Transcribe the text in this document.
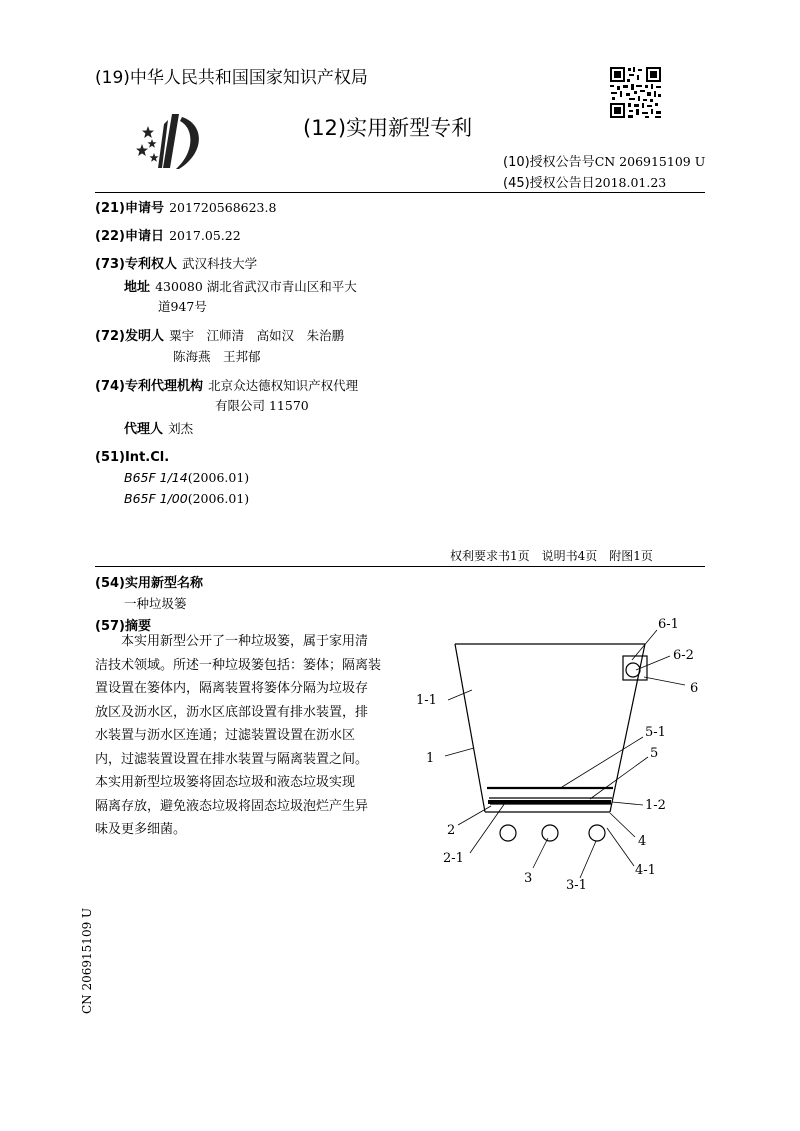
(19)中华人民共和国国家知识产权局
(12)实用新型专利
(10)授权公告号CN 206915109 U
(45)授权公告日2018.01.23
(21)申请号 201720568623.8
(22)申请日 2017.05.22
(73)专利权人 武汉科技大学
地址 430080 湖北省武汉市青山区和平大
道947号
(72)发明人 粟宇　江师清　高如汉　朱治鹏
陈海燕　王邦郁
(74)专利代理机构 北京众达德权知识产权代理
有限公司 11570
代理人 刘杰
(51)Int.Cl.
B65F 1/14(2006.01)
B65F 1/00(2006.01)
权利要求书1页　说明书4页　附图1页
(54)实用新型名称
一种垃圾篓
(57)摘要

本实用新型公开了一种垃圾篓，属于家用清

洁技术领域。所述一种垃圾篓包括：篓体；隔离装

置设置在篓体内，隔离装置将篓体分隔为垃圾存

放区及沥水区，沥水区底部设置有排水装置，排

水装置与沥水区连通；过滤装置设置在沥水区

内，过滤装置设置在排水装置与隔离装置之间。

本实用新型垃圾篓将固态垃圾和液态垃圾实现

隔离存放，避免液态垃圾将固态垃圾泡烂产生异

味及更多细菌。

6-1
6-2
6
1-1
1
5-1
5
1-2
2
4
2-1
3	3-1
4-1
CN 206915109 U
